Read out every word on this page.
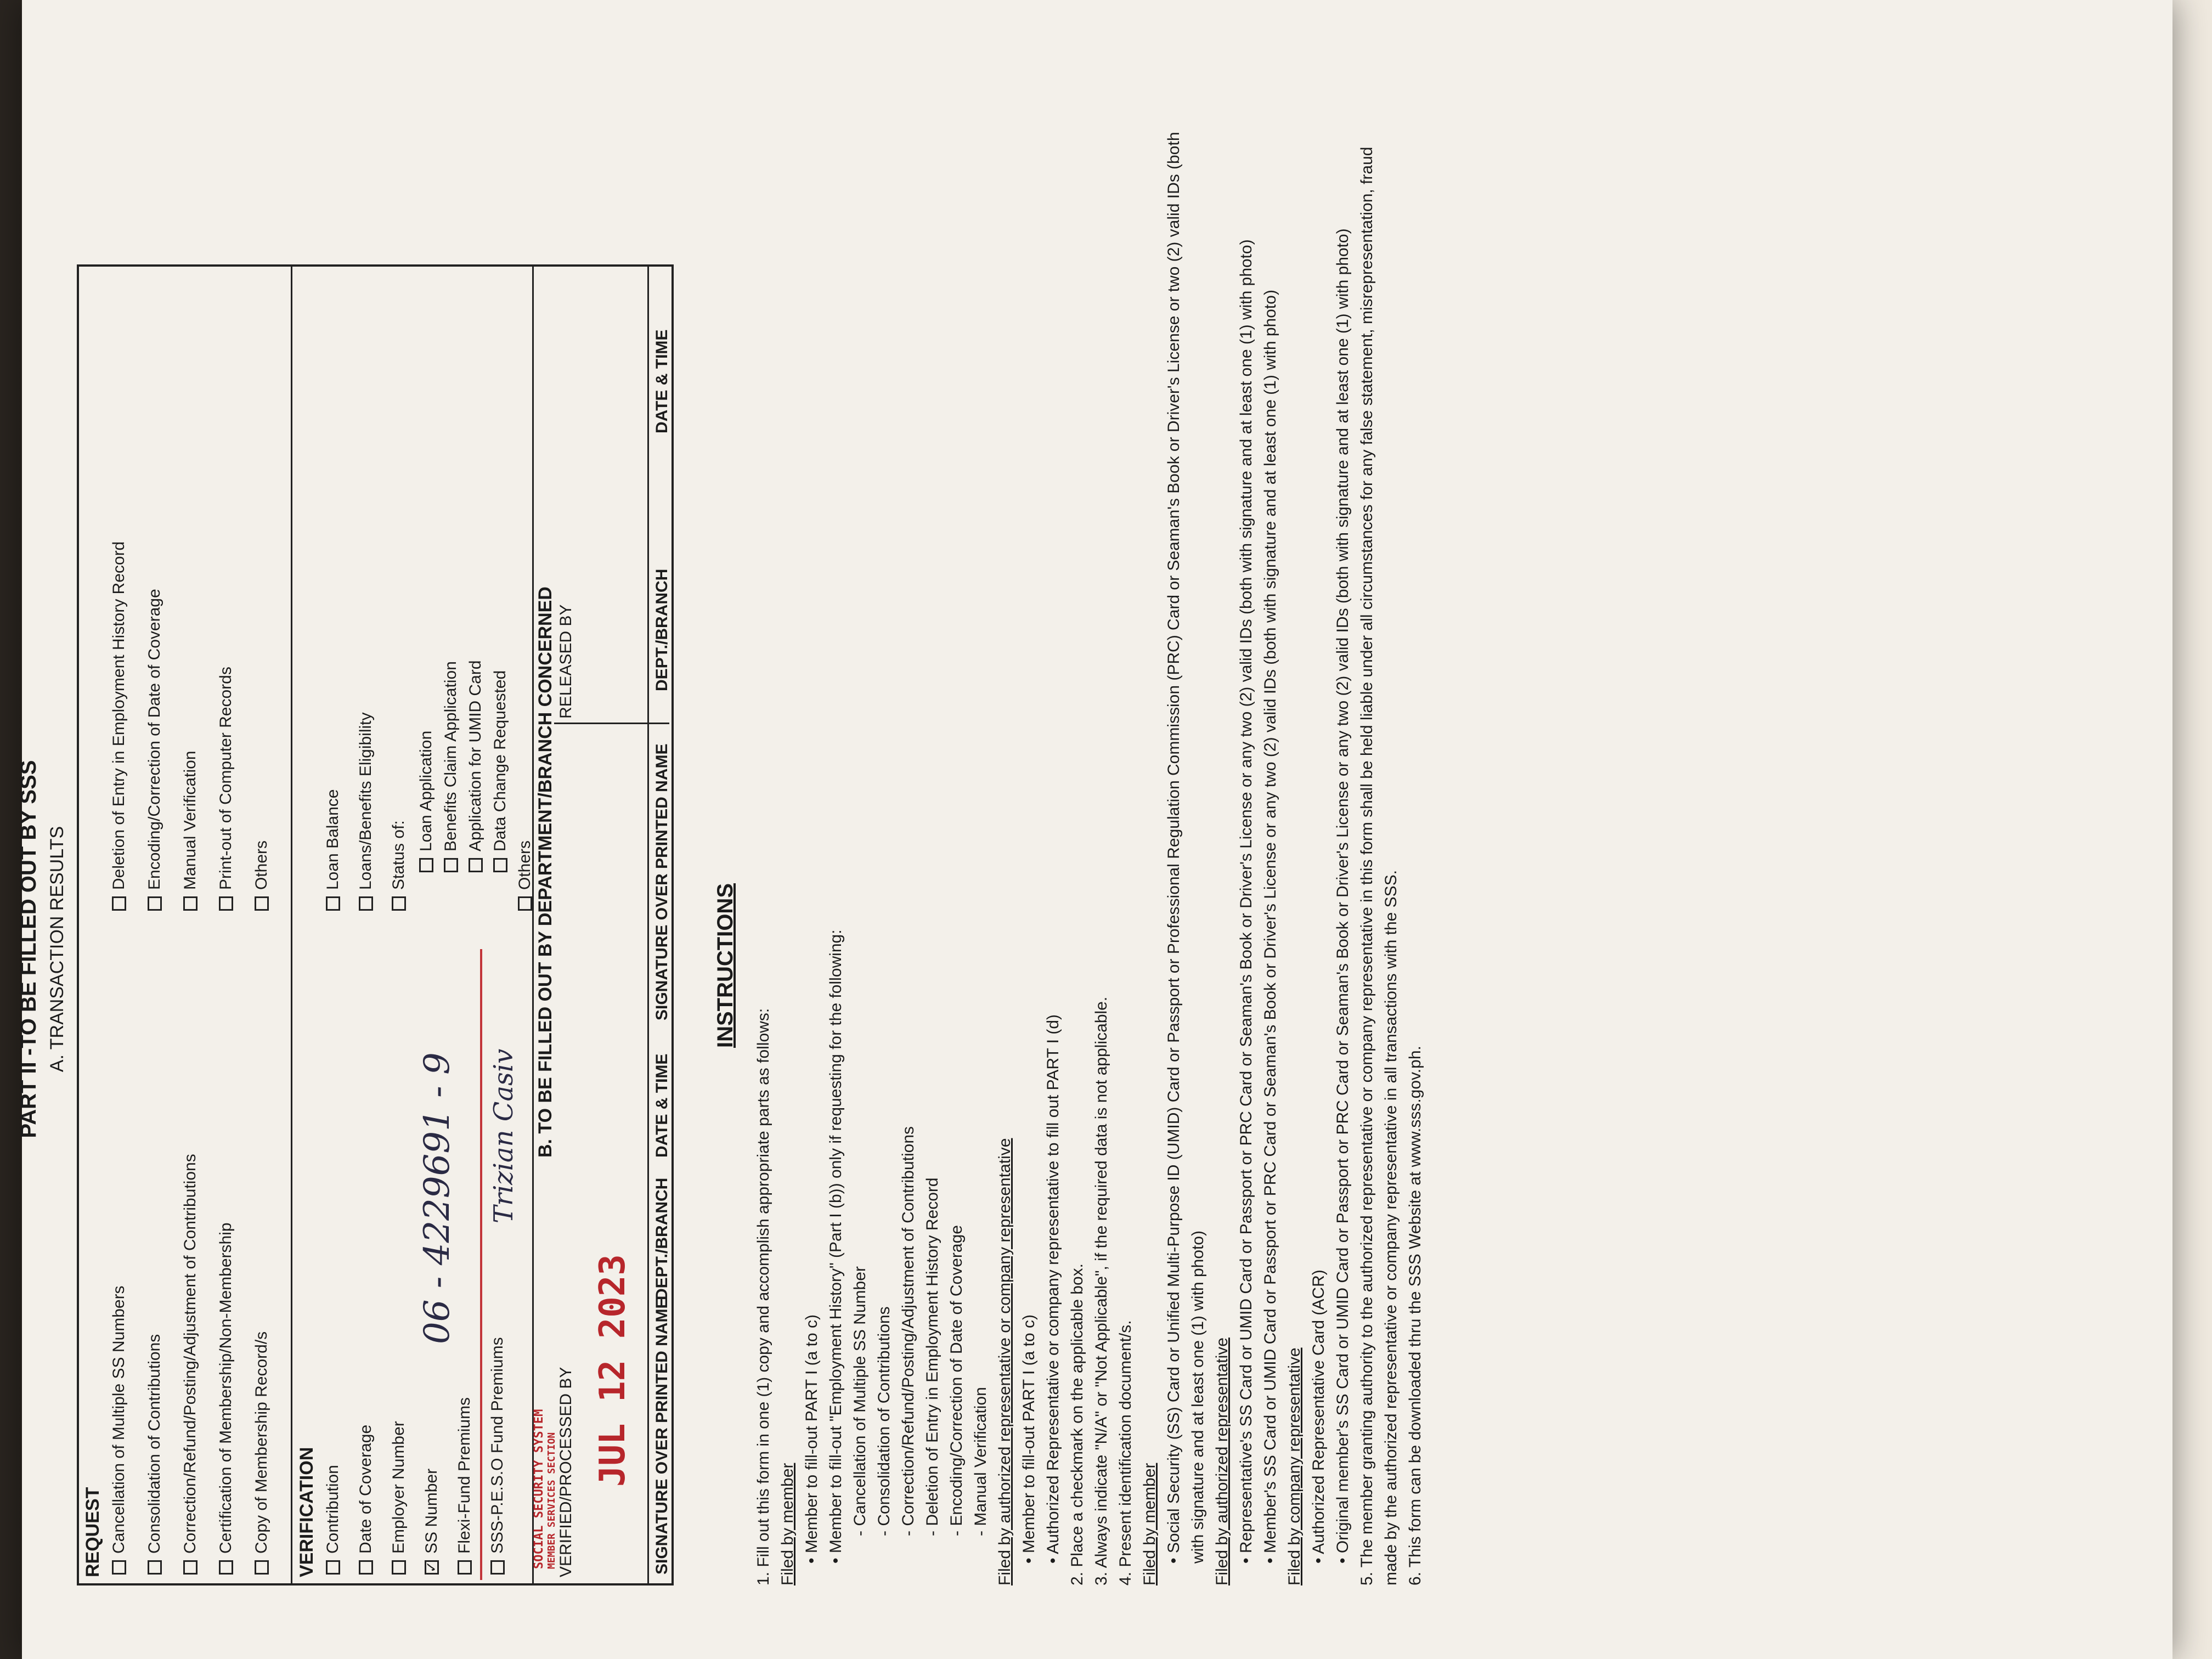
PART II -TO BE FILLED OUT BY SSS A. TRANSACTION RESULTS
REQUEST	VERIFICATION
06 - 4229691 - 9 Trizian Casiv B. TO BE FILLED OUT BY DEPARTMENT/BRANCH CONCERNED
VERIFIED/PROCESSED BY
RELEASED BY
SOCIAL SECURITY SYSTEM MEMBER SERVICES SECTION
JUL 12 2023
INSTRUCTIONS

1. Fill out this form in one (1) copy and accomplish appropriate parts as follows: Filed by member • Member to fill-out PART I (a to c) • Member to fill-out "Employment History" (Part I (b)) only if requesting for the following: - Cancellation of Multiple SS Number - Consolidation of Contributions - Correction/Refund/Posting/Adjustment of Contributions - Deletion of Entry in Employment History Record - Encoding/Correction of Date of Coverage - Manual Verification Filed by authorized representative or company representative • Member to fill-out PART I (a to c) • Authorized Representative or company representative to fill out PART I (d) 2. Place a checkmark on the applicable box. 3. Always indicate "N/A" or "Not Applicable", if the required data is not applicable. 4. Present identification document/s. Filed by member • Social Security (SS) Card or Unified Multi-Purpose ID (UMID) Card or Passport or Professional Regulation Commission (PRC) Card or Seaman's Book or Driver's License or two (2) valid IDs (both with signature and at least one (1) with photo) Filed by authorized representative • Representative's SS Card or UMID Card or Passport or PRC Card or Seaman's Book or Driver's License or any two (2) valid IDs (both with signature and at least one (1) with photo) • Member's SS Card or UMID Card or Passport or PRC Card or Seaman's Book or Driver's License or any two (2) valid IDs (both with signature and at least one (1) with photo) Filed by company representative • Authorized Representative Card (ACR) • Original member's SS Card or UMID Card or Passport or PRC Card or Seaman's Book or Driver's License or any two (2) valid IDs (both with signature and at least one (1) with photo) 5. The member granting authority to the authorized representative or company representative in this form shall be held liable under all circumstances for any false statement, misrepresentation, fraud made by the authorized representative or company representative in all transactions with the SSS. 6. This form can be downloaded thru the SSS Website at www.sss.gov.ph.

Cancellation of Multiple SS Numbers Consolidation of Contributions Correction/Refund/Posting/Adjustment of Contributions Certification of Membership/Non-Membership Copy of Membership Record/s
Deletion of Entry in Employment History Record Encoding/Correction of Date of Coverage Manual Verification Print-out of Computer Records Others
Contribution Date of Coverage Employer Number
✓
SS Number Flexi-Fund Premiums SSS-P.E.S.O Fund Premiums
Loan Balance Loans/Benefits Eligibility Status of:
Loan Application Benefits Claim Application Application for UMID Card Data Change Requested
Others
SIGNATURE OVER PRINTED NAME
DEPT./BRANCH
DATE & TIME
SIGNATURE OVER PRINTED NAME
DEPT./BRANCH
DATE & TIME
